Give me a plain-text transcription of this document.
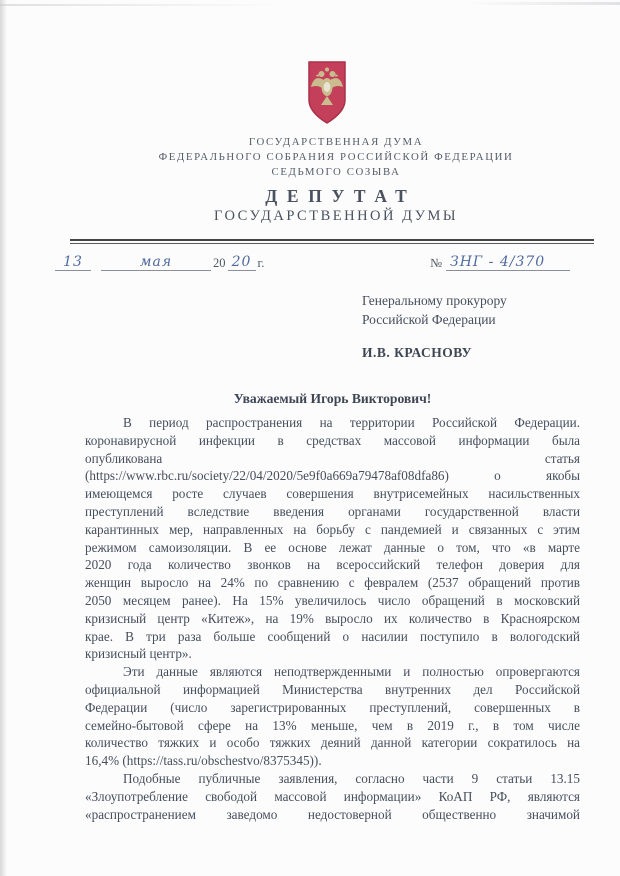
ГОСУДАРСТВЕННАЯ ДУМА
ФЕДЕРАЛЬНОГО СОБРАНИЯ РОССИЙСКОЙ ФЕДЕРАЦИИ
СЕДЬМОГО СОЗЫВА
ДЕПУТАТ
ГОСУДАРСТВЕННОЙ ДУМЫ
13	мая	20 20 г.	№ ЗНГ - 4/370
Генеральному прокурору
Российской Федерации
И.В. КРАСНОВУ
Уважаемый Игорь Викторович!
В период распространения на территории Российской Федерации.
коронавирусной инфекции в средствах массовой информации была
опубликована статья
(https://www.rbc.ru/society/22/04/2020/5e9f0a669a79478af08dfa86) о якобы
имеющемся росте случаев совершения внутрисемейных насильственных
преступлений вследствие введения органами государственной власти
карантинных мер, направленных на борьбу с пандемией и связанных с этим
режимом самоизоляции. В ее основе лежат данные о том, что «в марте
2020 года количество звонков на всероссийский телефон доверия для
женщин выросло на 24% по сравнению с февралем (2537 обращений против
2050 месяцем ранее). На 15% увеличилось число обращений в московский
кризисный центр «Китеж», на 19% выросло их количество в Красноярском
крае. В три раза больше сообщений о насилии поступило в вологодский
кризисный центр».
Эти данные являются неподтвержденными и полностью опровергаются
официальной информацией Министерства внутренних дел Российской
Федерации (число зарегистрированных преступлений, совершенных в
семейно-бытовой сфере на 13% меньше, чем в 2019 г., в том числе
количество тяжких и особо тяжких деяний данной категории сократилось на
16,4% (https://tass.ru/obschestvo/8375345)).
Подобные публичные заявления, согласно части 9 статьи 13.15
«Злоупотребление свободой массовой информации» КоАП РФ, являются
«распространением заведомо недостоверной общественно значимой
